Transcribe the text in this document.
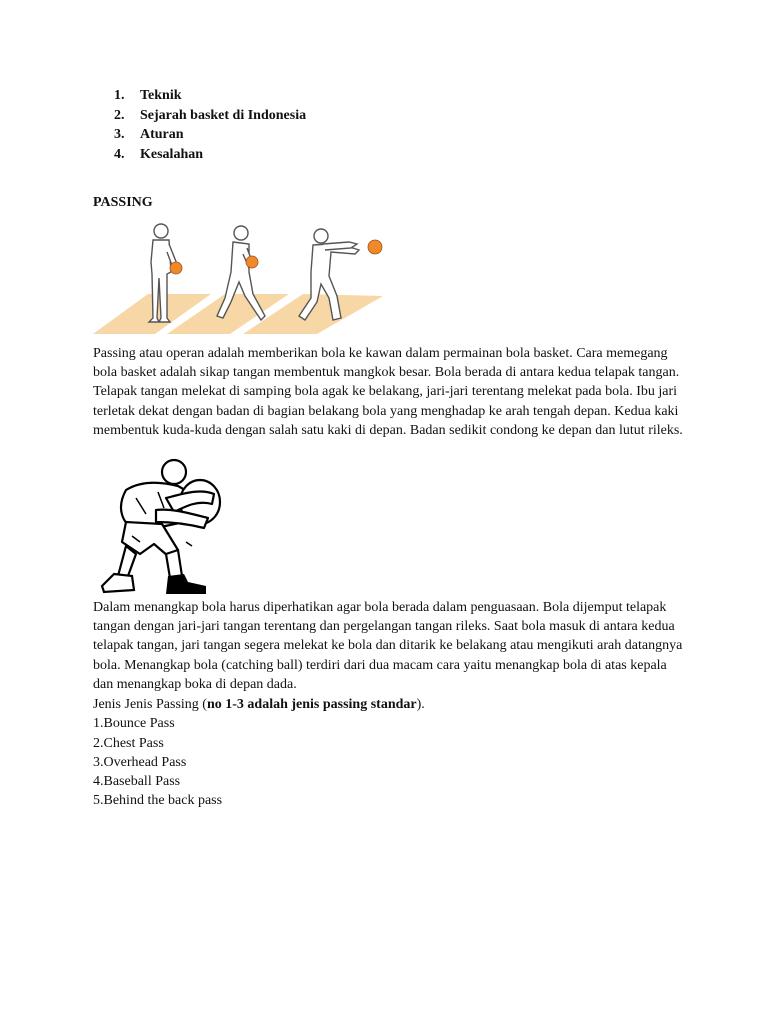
1.	Teknik
2.	Sejarah basket di Indonesia
3.	Aturan
4.	Kesalahan

PASSING

Passing atau operan adalah memberikan bola ke kawan dalam permainan bola basket. Cara memegang bola basket adalah sikap tangan membentuk mangkok besar. Bola berada di antara kedua telapak tangan. Telapak tangan melekat di samping bola agak ke belakang, jari-jari terentang melekat pada bola. Ibu jari terletak dekat dengan badan di bagian belakang bola yang menghadap ke arah tengah depan. Kedua kaki membentuk kuda-kuda dengan salah satu kaki di depan. Badan sedikit condong ke depan dan lutut rileks.

Dalam menangkap bola harus diperhatikan agar bola berada dalam penguasaan. Bola dijemput telapak tangan dengan jari-jari tangan terentang dan pergelangan tangan rileks. Saat bola masuk di antara kedua telapak tangan, jari tangan segera melekat ke bola dan ditarik ke belakang atau mengikuti arah datangnya bola. Menangkap bola (catching ball) terdiri dari dua macam cara yaitu menangkap bola di atas kepala dan menangkap boka di depan dada.

Jenis Jenis Passing (no 1-3 adalah jenis passing standar).
1.Bounce Pass
2.Chest Pass
3.Overhead Pass
4.Baseball Pass
5.Behind the back pass
